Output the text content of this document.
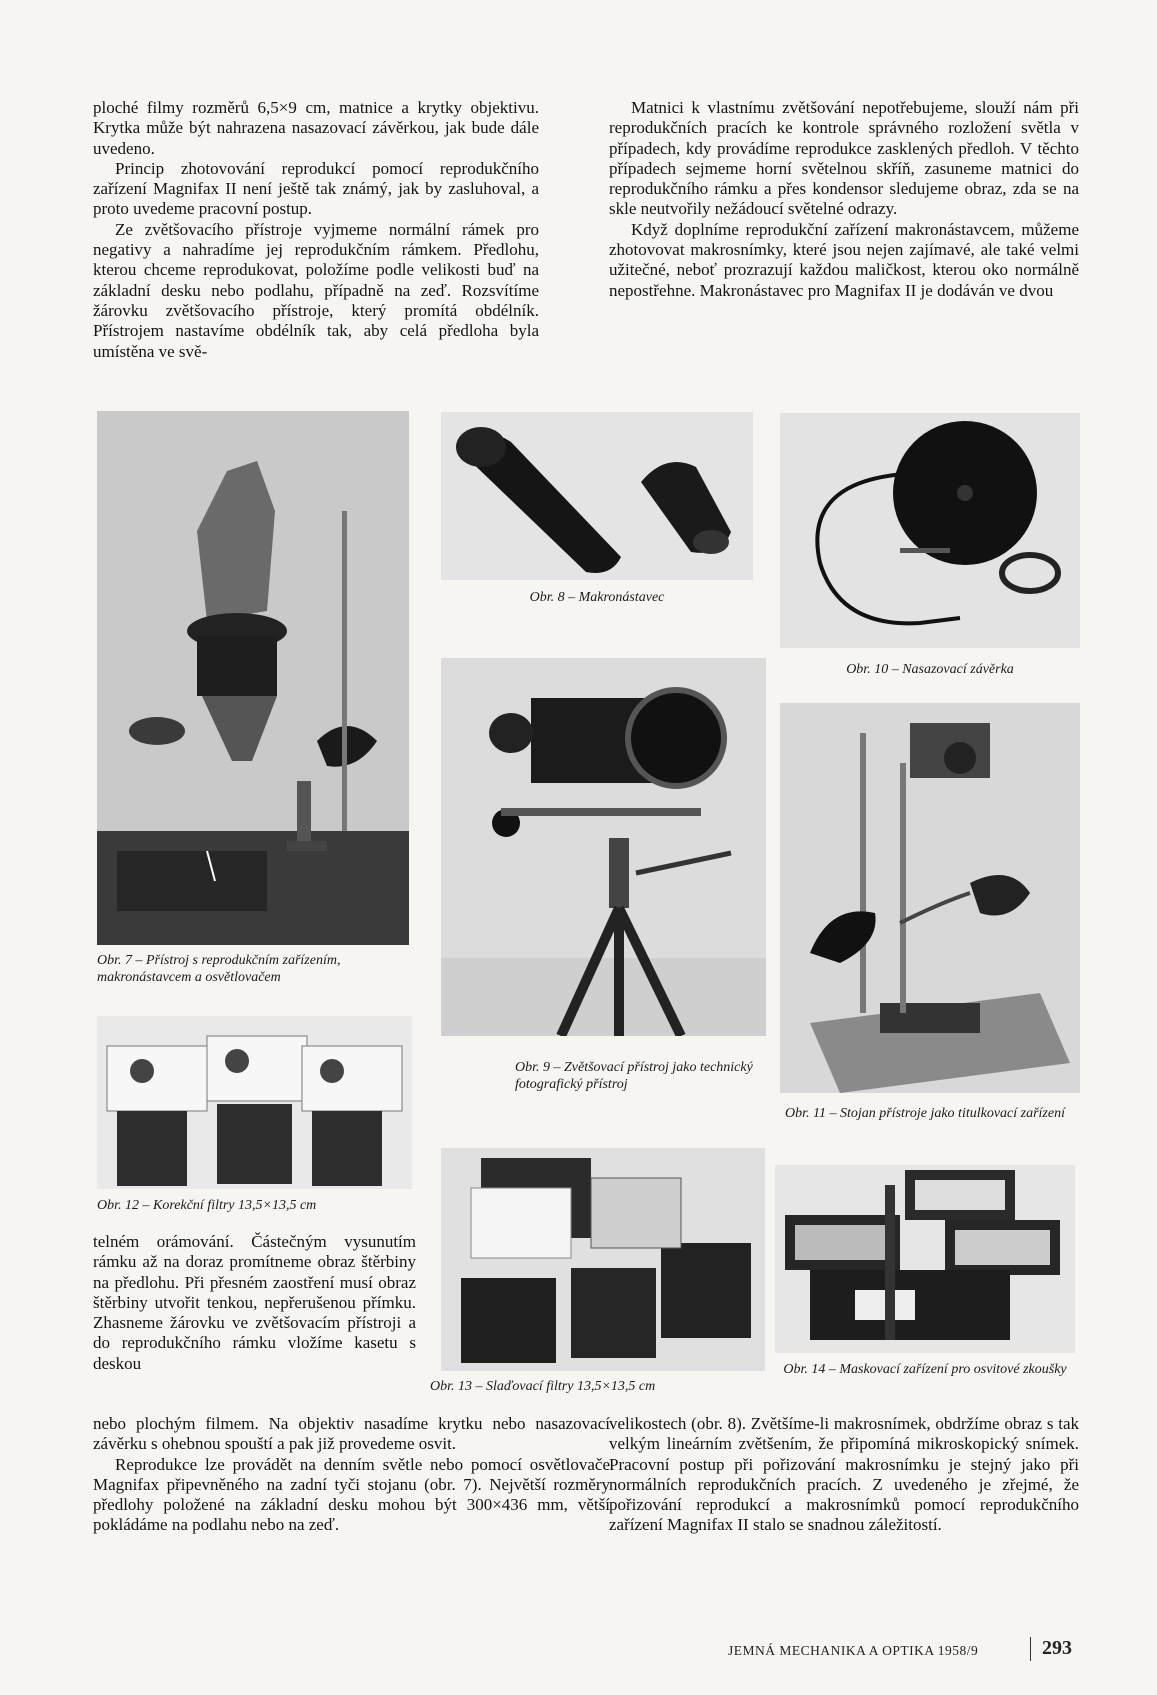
ploché filmy rozměrů 6,5×9 cm, matnice a krytky objektivu. Krytka může být nahrazena nasazovací závěrkou, jak bude dále uvedeno.

Princip zhotovování reprodukcí pomocí reprodukčního zařízení Magnifax II není ještě tak známý, jak by zasluhoval, a proto uvedeme pracovní postup.

Ze zvětšovacího přístroje vyjmeme normální rámek pro negativy a nahradíme jej reprodukčním rámkem. Předlohu, kterou chceme reprodukovat, položíme podle velikosti buď na základní desku nebo podlahu, případně na zeď. Rozsvítíme žárovku zvětšovacího přístroje, který promítá obdélník. Přístrojem nastavíme obdélník tak, aby celá předloha byla umístěna ve svě-

Matnici k vlastnímu zvětšování nepotřebujeme, slouží nám při reprodukčních pracích ke kontrole správného rozložení světla v případech, kdy provádíme reprodukce zasklených předloh. V těchto případech sejmeme horní světelnou skříň, zasuneme matnici do reprodukčního rámku a přes kondensor sledujeme obraz, zda se na skle neutvořily nežádoucí světelné odrazy.

Když doplníme reprodukční zařízení makronástavcem, můžeme zhotovovat makrosnímky, které jsou nejen zajímavé, ale také velmi užitečné, neboť prozrazují každou maličkost, kterou oko normálně nepostřehne. Makronástavec pro Magnifax II je dodáván ve dvou

Obr. 7 – Přístroj s reprodukčním zařízením, makronástavcem a osvětlovačem
Obr. 8 – Makronástavec
Obr. 10 – Nasazovací závěrka
Obr. 9 – Zvětšovací přístroj jako technický fotografický přístroj
Obr. 11 – Stojan přístroje jako titulkovací zařízení
Obr. 12 – Korekční filtry 13,5×13,5 cm

telném orámování. Částečným vysunutím rámku až na doraz promítneme obraz štěrbiny na předlohu. Při přesném zaostření musí obraz štěrbiny utvořit tenkou, nepřerušenou přímku. Zhasneme žárovku ve zvětšovacím přístroji a do reprodukčního rámku vložíme kasetu s deskou

Obr. 13 – Slaďovací filtry 13,5×13,5 cm
Obr. 14 – Maskovací zařízení pro osvitové zkoušky

nebo plochým filmem. Na objektiv nasadíme krytku nebo nasazovací závěrku s ohebnou spouští a pak již provedeme osvit.

Reprodukce lze provádět na denním světle nebo pomocí osvětlovače Magnifax připevněného na zadní tyči stojanu (obr. 7). Největší rozměry předlohy položené na základní desku mohou být 300×436 mm, větší pokládáme na podlahu nebo na zeď.

velikostech (obr. 8). Zvětšíme-li makrosnímek, obdržíme obraz s tak velkým lineárním zvětšením, že připomíná mikroskopický snímek. Pracovní postup při pořizování makrosnímku je stejný jako při normálních reprodukčních pracích. Z uvedeného je zřejmé, že pořizování reprodukcí a makrosnímků pomocí reprodukčního zařízení Magnifax II stalo se snadnou záležitostí.

JEMNÁ MECHANIKA A OPTIKA 1958/9	293
